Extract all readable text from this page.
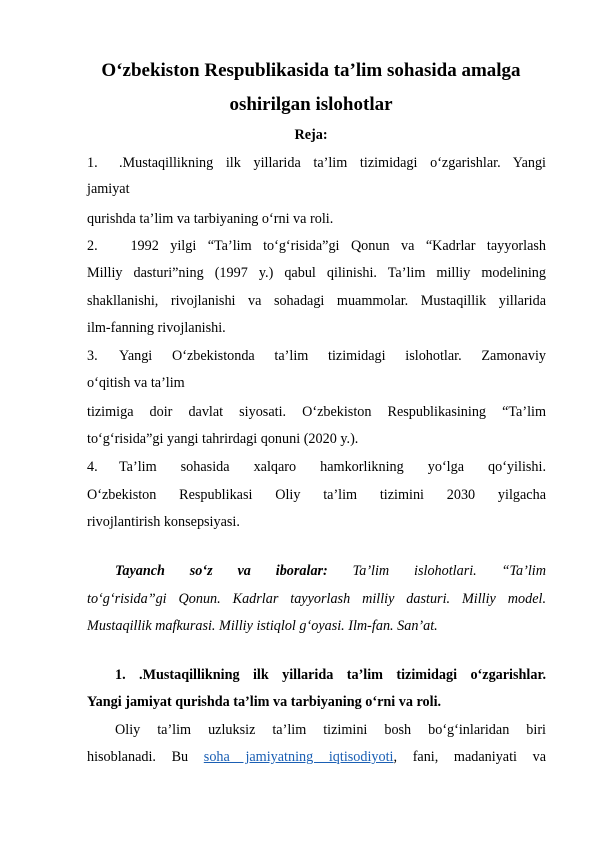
O‘zbekiston Respublikasida ta’lim sohasida amalga
oshirilgan islohotlar
Reja:
1. .Mustaqillikning ilk yillarida ta’lim tizimidagi o‘zgarishlar. Yangi
jamiyat
qurishda ta’lim va tarbiyaning o‘rni va roli.
2. 1992 yilgi “Ta’lim to‘g‘risida”gi Qonun va “Kadrlar tayyorlash
Milliy dasturi”ning (1997 y.) qabul qilinishi. Ta’lim milliy modelining
shakllanishi, rivojlanishi va sohadagi muammolar. Mustaqillik yillarida
ilm-fanning rivojlanishi.
3. Yangi O‘zbekistonda ta’lim tizimidagi islohotlar. Zamonaviy
o‘qitish va ta’lim
tizimiga doir davlat siyosati. O‘zbekiston Respublikasining “Ta’lim
to‘g‘risida”gi yangi tahrirdagi qonuni (2020 y.).
4. Ta’lim sohasida xalqaro hamkorlikning yo‘lga qo‘yilishi.
O‘zbekiston Respublikasi Oliy ta’lim tizimini 2030 yilgacha
rivojlantirish konsepsiyasi.
Tayanch so‘z va iboralar: Ta’lim islohotlari. “Ta’lim
to‘g‘risida”gi Qonun. Kadrlar tayyorlash milliy dasturi. Milliy model.
Mustaqillik mafkurasi. Milliy istiqlol g‘oyasi. Ilm-fan. San’at.
1. .Mustaqillikning ilk yillarida ta’lim tizimidagi o‘zgarishlar.
Yangi jamiyat qurishda ta’lim va tarbiyaning o‘rni va roli.
Oliy ta’lim uzluksiz ta’lim tizimini bosh bo‘g‘inlaridan biri
hisoblanadi. Bu soha jamiyatning iqtisodiyoti, fani, madaniyati va
